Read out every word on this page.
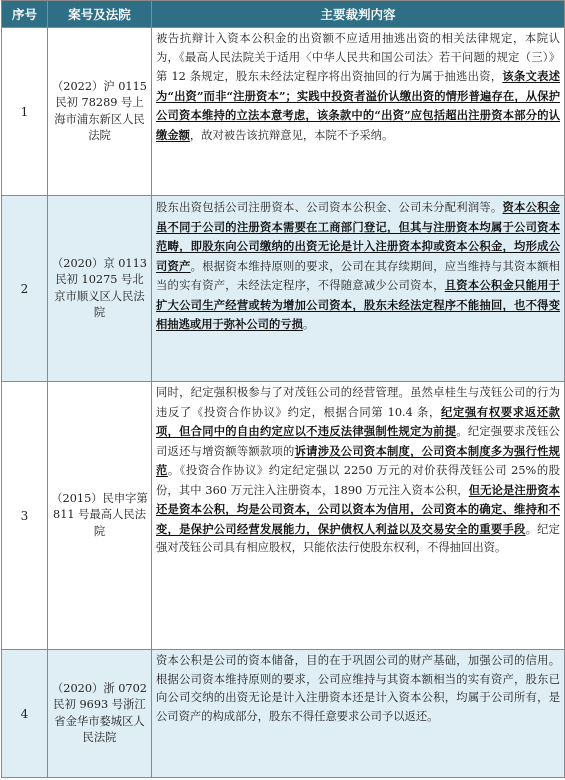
序号	案号及法院	主要裁判内容
1	（2022）沪 0115 民初 78289 号上海市浦东新区人民法院	被告抗辩计入资本公积金的出资额不应适用抽逃出资的相关法律规定，本院认为，《最高人民法院关于适用〈中华人民共和国公司法〉若干问题的规定（三）》第 12 条规定，股东未经法定程序将出资抽回的行为属于抽逃出资，该条文表述为“出资”而非“注册资本”；实践中投资者溢价认缴出资的情形普遍存在，从保护公司资本维持的立法本意考虑，该条款中的“出资”应包括超出注册资本部分的认缴金额，故对被告该抗辩意见，本院不予采纳。
2	（2020）京 0113 民初 10275 号北京市顺义区人民法院	股东出资包括公司注册资本、公司资本公积金、公司未分配利润等。资本公积金虽不同于公司的注册资本需要在工商部门登记，但其与注册资本均属于公司资本范畴，即股东向公司缴纳的出资无论是计入注册资本抑或资本公积金，均形成公司资产。根据资本维持原则的要求，公司在其存续期间，应当维持与其资本额相当的实有资产，未经法定程序，不得随意减少公司资本，且资本公积金只能用于扩大公司生产经营或转为增加公司资本，股东未经法定程序不能抽回，也不得变相抽逃或用于弥补公司的亏损。
3	（2015）民申字第 811 号最高人民法院	同时，纪定强积极参与了对茂钰公司的经营管理。虽然卓桂生与茂钰公司的行为违反了《投资合作协议》约定，根据合同第 10.4 条，纪定强有权要求返还款项，但合同中的自由约定应以不违反法律强制性规定为前提。纪定强要求茂钰公司返还与增资额等额款项的诉请涉及公司资本制度，公司资本制度多为强行性规范。《投资合作协议》约定纪定强以 2250 万元的对价获得茂钰公司 25%的股份，其中 360 万元注入注册资本，1890 万元注入资本公积，但无论是注册资本还是资本公积，均是公司资本，公司以资本为信用，公司资本的确定、维持和不变，是保护公司经营发展能力，保护债权人利益以及交易安全的重要手段。纪定强对茂钰公司具有相应股权，只能依法行使股东权利，不得抽回出资。
4	（2020）浙 0702 民初 9693 号浙江省金华市婺城区人民法院	资本公积是公司的资本储备，目的在于巩固公司的财产基础，加强公司的信用。根据公司资本维持原则的要求，公司应维持与其资本额相当的实有资产，股东已向公司交纳的出资无论是计入注册资本还是计入资本公积，均属于公司所有，是公司资产的构成部分，股东不得任意要求公司予以返还。
